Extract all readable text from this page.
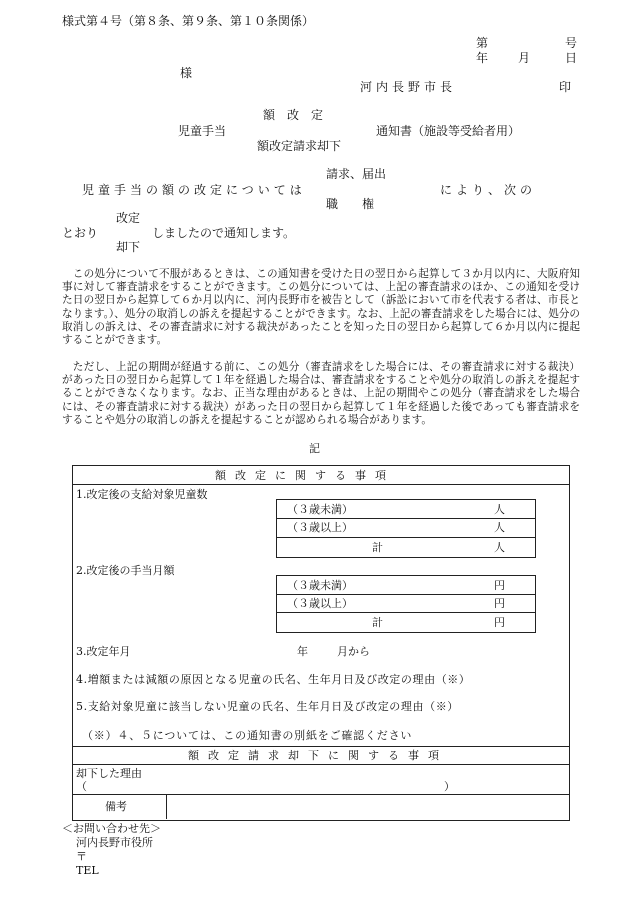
様式第４号（第８条、第９条、第１０条関係）
第	号
年 月	日
様
河内長野市長	印
額　改　定
児童手当	通知書（施設等受給者用）
額改定請求却下
請求、届出
児童手当の額の改定については	により、次の
職　　権
改定
とおり	しましたので通知します。
却下
　この処分について不服があるときは、この通知書を受けた日の翌日から起算して３か月以内に、大阪府知事に対して審査請求をすることができます。この処分については、上記の審査請求のほか、この通知を受けた日の翌日から起算して６か月以内に、河内長野市を被告として（訴訟において市を代表する者は、市長となります。）、処分の取消しの訴えを提起することができます。なお、上記の審査請求をした場合には、処分の取消しの訴えは、その審査請求に対する裁決があったことを知った日の翌日から起算して６か月以内に提起することができます。
　ただし、上記の期間が経過する前に、この処分（審査請求をした場合には、その審査請求に対する裁決）があった日の翌日から起算して１年を経過した場合は、審査請求をすることや処分の取消しの訴えを提起することができなくなります。なお、正当な理由があるときは、上記の期間やこの処分（審査請求をした場合には、その審査請求に対する裁決）があった日の翌日から起算して１年を経過した後であっても審査請求をすることや処分の取消しの訴えを提起することが認められる場合があります。
記
額改定に関する事項
1.改定後の支給対象児童数
（３歳未満）	人
（３歳以上）	人
計	人
2.改定後の手当月額
（３歳未満）	円
（３歳以上）	円
計	円
3.改定年月	年	月から
4.増額または減額の原因となる児童の氏名、生年月日及び改定の理由（※）
5.支給対象児童に該当しない児童の氏名、生年月日及び改定の理由（※）
（※）４、５については、この通知書の別紙をご確認ください
額改定請求却下に関する事項
却下した理由
（	）
備考
＜お問い合わせ先＞
河内長野市役所
〒
TEL
